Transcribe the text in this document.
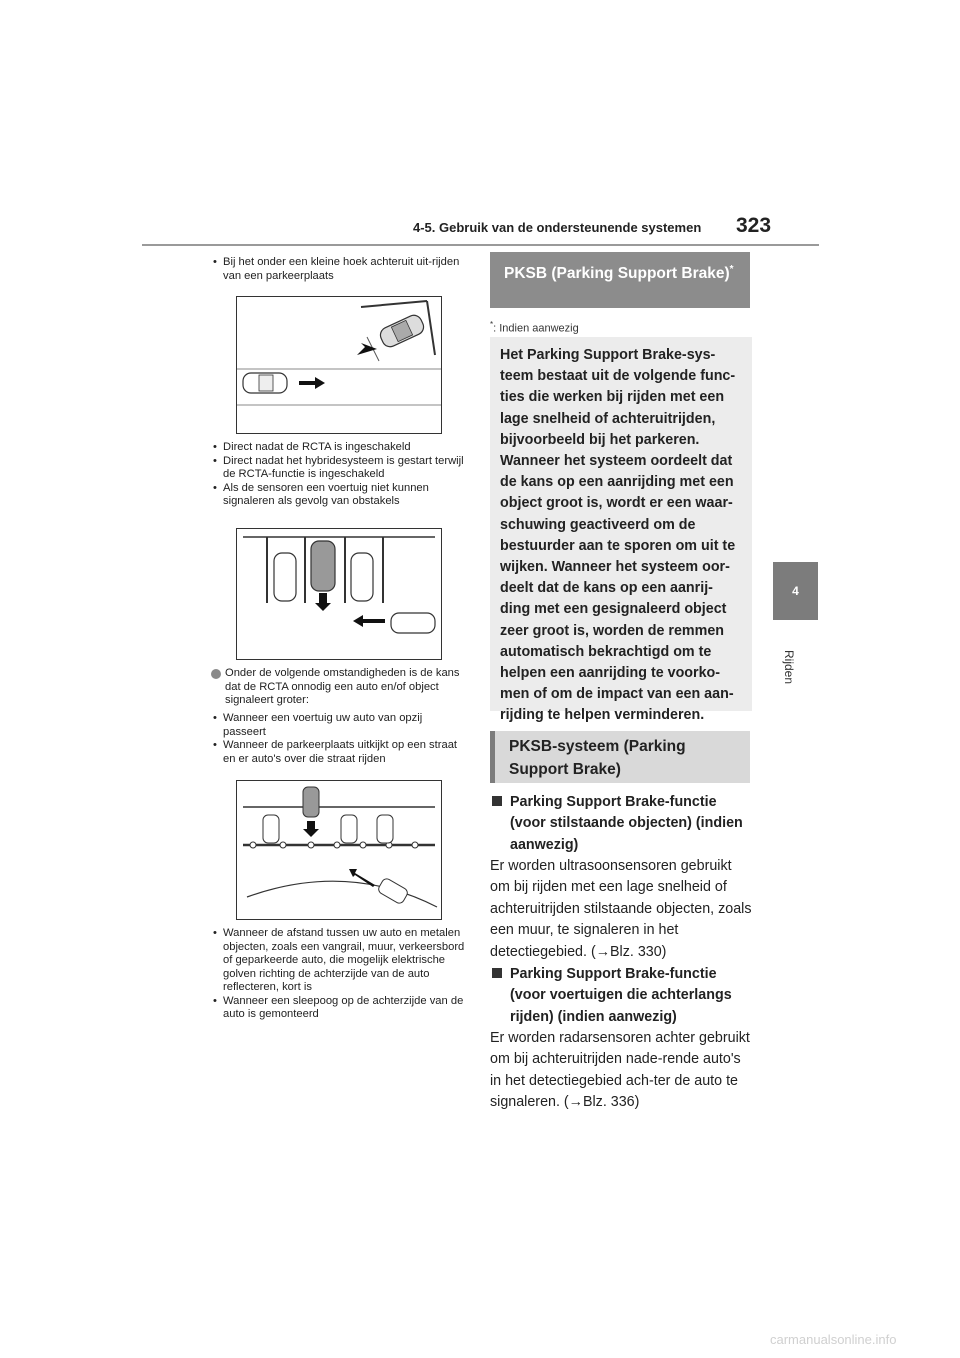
4-5. Gebruik van de ondersteunende systemen 323
4
Rijden
• Bij het onder een kleine hoek achteruit uit-rijden van een parkeerplaats
• Direct nadat de RCTA is ingeschakeld
• Direct nadat het hybridesysteem is gestart terwijl de RCTA-functie is ingeschakeld
• Als de sensoren een voertuig niet kunnen signaleren als gevolg van obstakels
Onder de volgende omstandigheden is de kans dat de RCTA onnodig een auto en/of object signaleert groter:
• Wanneer een voertuig uw auto van opzij passeert
• Wanneer de parkeerplaats uitkijkt op een straat en er auto's over die straat rijden
• Wanneer de afstand tussen uw auto en metalen objecten, zoals een vangrail, muur, verkeersbord of geparkeerde auto, die mogelijk elektrische golven richting de achterzijde van de auto reflecteren, kort is
• Wanneer een sleepoog op de achterzijde van de auto is gemonteerd
PKSB (Parking Support Brake)*
*: Indien aanwezig
Het Parking Support Brake-sys-teem bestaat uit de volgende func-ties die werken bij rijden met een lage snelheid of achteruitrijden, bijvoorbeeld bij het parkeren. Wanneer het systeem oordeelt dat de kans op een aanrijding met een object groot is, wordt er een waar-schuwing geactiveerd om de bestuurder aan te sporen om uit te wijken. Wanneer het systeem oor-deelt dat de kans op een aanrij-ding met een gesignaleerd object zeer groot is, worden de remmen automatisch bekrachtigd om te helpen een aanrijding te voorko-men of om de impact van een aan-rijding te helpen verminderen.
PKSB-systeem (Parking Support Brake)
Parking Support Brake-functie (voor stilstaande objecten) (indien aanwezig)
Er worden ultrasoonsensoren gebruikt om bij rijden met een lage snelheid of achteruitrijden stilstaande objecten, zoals een muur, te signaleren in het detectiegebied. (→Blz. 330)
Parking Support Brake-functie (voor voertuigen die achterlangs rijden) (indien aanwezig)
Er worden radarsensoren achter gebruikt om bij achteruitrijden nade-rende auto's in het detectiegebied ach-ter de auto te signaleren. (→Blz. 336)
carmanualsonline.info
